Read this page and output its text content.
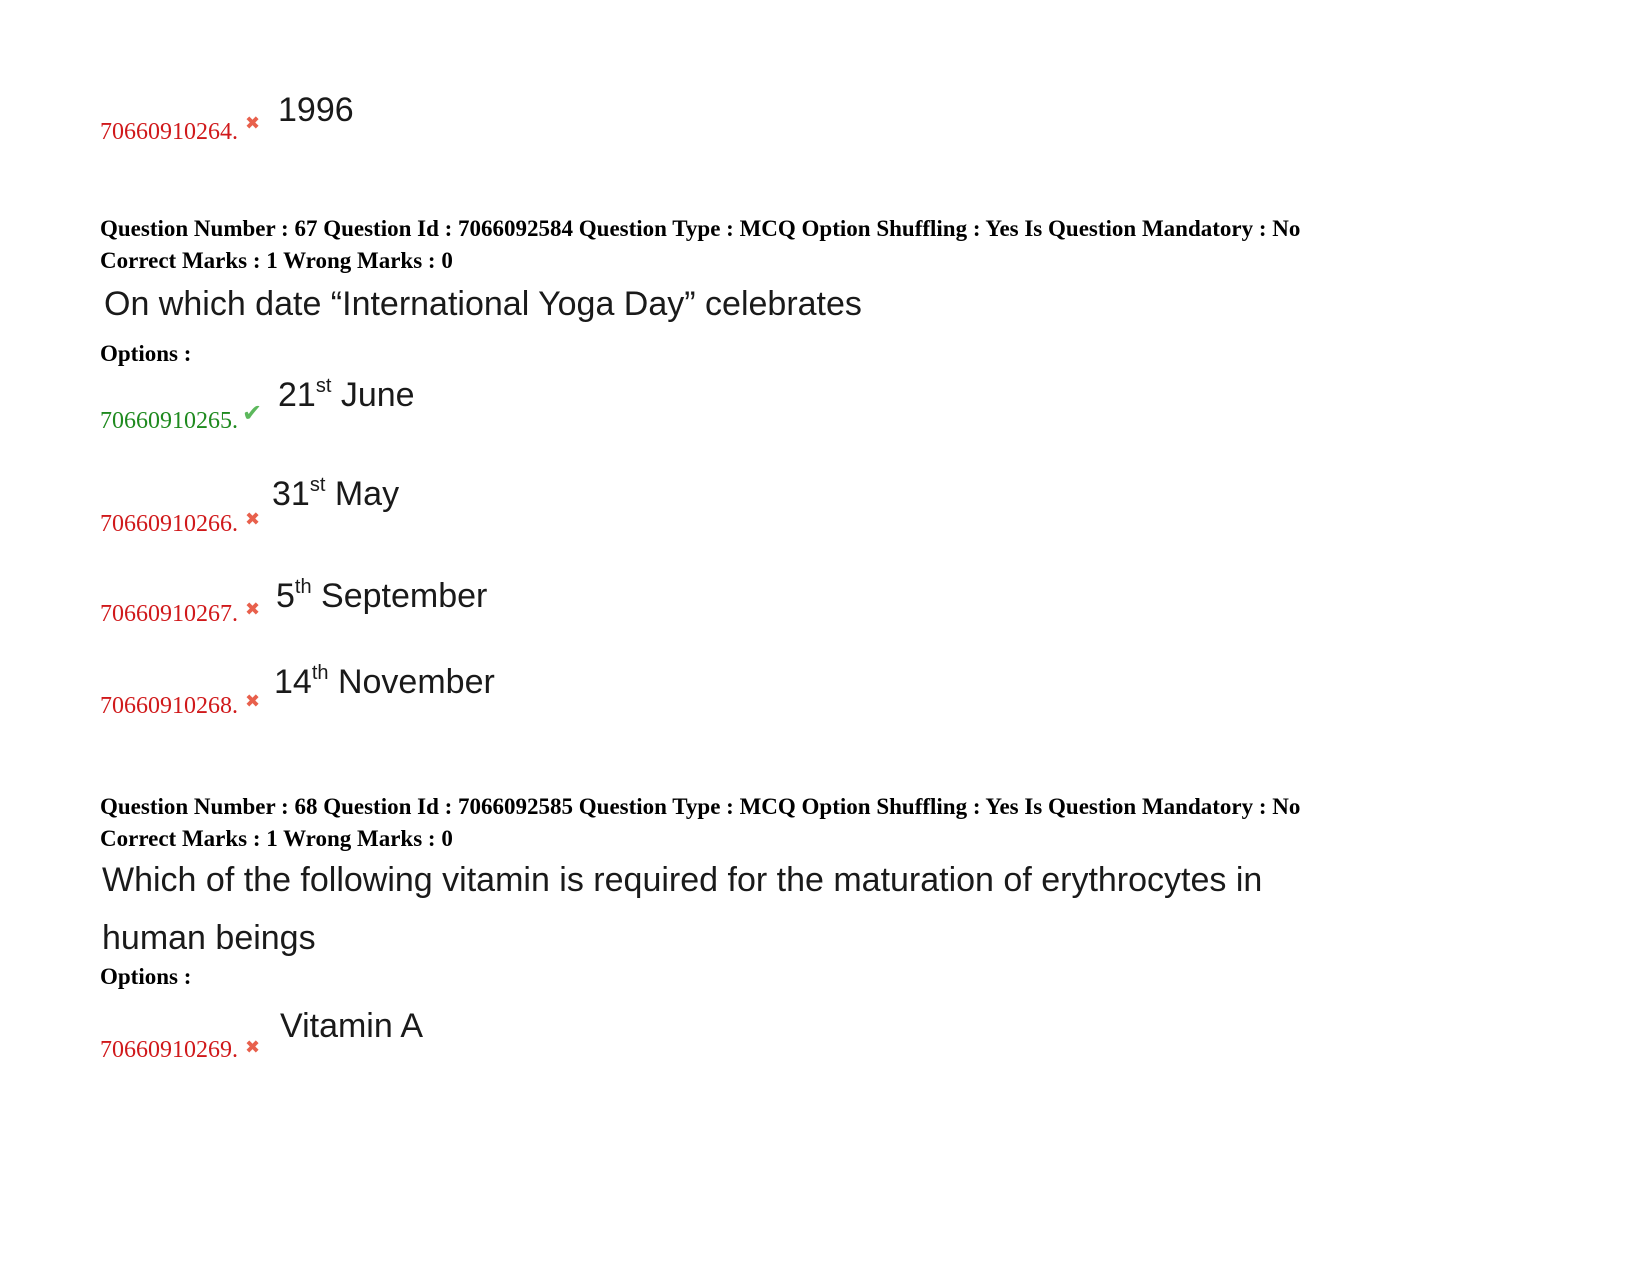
70660910264. ✖ 1996
Question Number : 67 Question Id : 7066092584 Question Type : MCQ Option Shuffling : Yes Is Question Mandatory : No
Correct Marks : 1 Wrong Marks : 0
On which date “International Yoga Day” celebrates
Options :
70660910265. ✔ 21st June
70660910266. ✖
31st May
70660910267. ✖ 5th September
70660910268. ✖
14th November
Question Number : 68 Question Id : 7066092585 Question Type : MCQ Option Shuffling : Yes Is Question Mandatory : No
Correct Marks : 1 Wrong Marks : 0
Which of the following vitamin is required for the maturation of erythrocytes in
human beings
Options :
70660910269. ✖
Vitamin A
